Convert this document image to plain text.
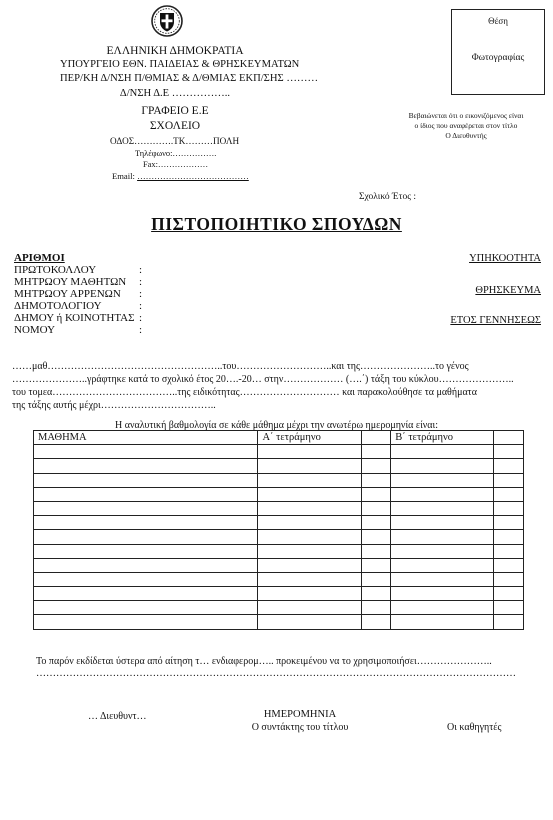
ΕΛΛΗΝΙΚΗ ΔΗΜΟΚΡΑΤΙΑ
ΥΠΟΥΡΓΕΙΟ ΕΘΝ. ΠΑΙΔΕΙΑΣ & ΘΡΗΣΚΕΥΜΑΤΩΝ
ΠΕΡ/ΚΗ Δ/ΝΣΗ Π/ΘΜΙΑΣ & Δ/ΘΜΙΑΣ ΕΚΠ/ΣΗΣ ………
Δ/ΝΣΗ Δ.Ε ……………..
ΓΡΑΦΕΙΟ Ε.Ε
ΣΧΟΛΕΙΟ
ΟΔΟΣ………….ΤΚ………ΠΟΛΗ
Τηλέφωνο:…………….
Fax:………………
Email: …………………………………
Θέση
Φωτογραφίας
Βεβαιώνεται ότι ο εικονιζόμενος είναι
ο ίδιος που αναφέρεται στον τίτλο
Ο Διευθυντής
Σχολικό Έτος :
ΠΙΣΤΟΠΟΙΗΤΙΚΟ ΣΠΟΥΔΩΝ
ΑΡΙΘΜΟΙ
ΠΡΩΤΟΚΟΛΛΟΥ	:
ΜΗΤΡΩΟΥ ΜΑΘΗΤΩΝ :
ΜΗΤΡΩΟΥ ΑΡΡΕΝΩΝ :
ΔΗΜΟΤΟΛΟΓΙΟΥ	:
ΔΗΜΟΥ ή ΚΟΙΝΟΤΗΤΑΣ :
ΝΟΜΟΥ	:
ΥΠΗΚΟΟΤΗΤΑ
ΘΡΗΣΚΕΥΜΑ
ΕΤΟΣ ΓΕΝΝΗΣΕΩΣ
……μαθ……………………………………………..του………………………..και της…………………..το γένος
…………………..γράφτηκε κατά το σχολικό έτος 20….-20… στην……………… (….΄) τάξη του κύκλου…………………..
του τομεα………………………………..της ειδικότητας………………………… και παρακολούθησε τα μαθήματα
της τάξης αυτής μέχρι……………………………..
Η αναλυτική βαθμολογία σε κάθε μάθημα μέχρι την ανωτέρω ημερομηνία είναι:
ΜΑΘΗΜΑ	Α΄ τετράμηνο		Β΄ τετράμηνο	

Το παρόν εκδίδεται ύστερα από αίτηση τ… ενδιαφερομ….. προκειμένου να το χρησιμοποιήσει…………………..
………………………………………………………………………………………………………………………………
… Διευθυντ…	ΗΜΕΡΟΜΗΝΙΑ
Ο συντάκτης του τίτλου	Οι καθηγητές
